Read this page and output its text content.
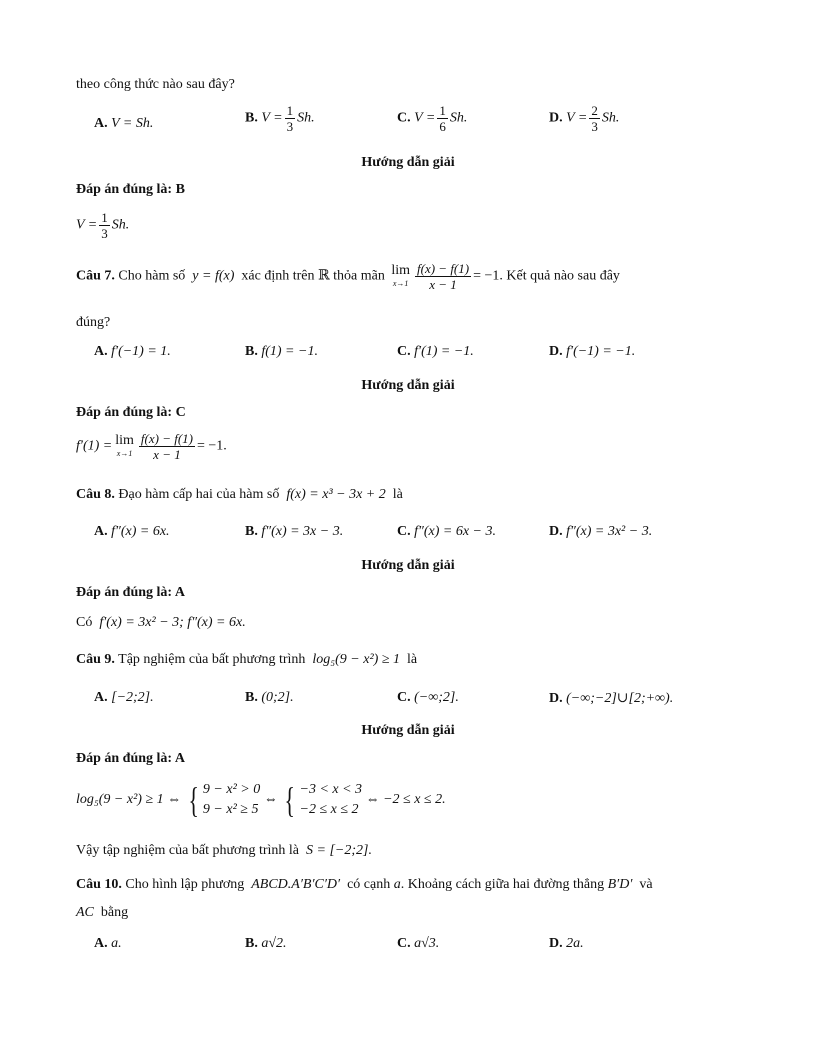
theo công thức nào sau đây?
A. V = Sh.	B. $V = \frac{1}{3} Sh$.	C. $V = \frac{1}{6} Sh$.	D. $V = \frac{2}{3} Sh$.
Hướng dẫn giải
Đáp án đúng là: B
$V = \frac{1}{3} Sh$.
Câu 7. Cho hàm số y = f(x) xác định trên ℝ thỏa mãn lim
$x\to 1 \frac{f(x) - f(1)}{x - 1} = -1$. Kết quả nào sau đây
đúng?
A. f′(−1) = 1.	B. f(1) = −1.	C. f′(1) = −1.	D. f′(−1) = −1.
Hướng dẫn giải
Đáp án đúng là: C
f′(1) = lim
$x\to 1 \frac{f(x) - f(1)}{x - 1} = -1$.
Câu 8. Đạo hàm cấp hai của hàm số f(x) = x³ − 3x + 2 là
A. f″(x) = 6x.	B. f″(x) = 3x − 3.	C. f″(x) = 6x − 3.	D. f″(x) = 3x² − 3.
Hướng dẫn giải
Đáp án đúng là: A
Có f′(x) = 3x² − 3; f″(x) = 6x.
Câu 9. Tập nghiệm của bất phương trình log₅(9 − x²) ≥ 1 là
A. [−2;2].	B. (0;2].	C. (−∞;2].	D. (−∞;−2]∪[2;+∞).
Hướng dẫn giải
Đáp án đúng là: A
log₅(9 − x²) ≥ 1 ⇔ { 9 − x² > 0
9 − x² ≥ 5
⇔ { −3 < x < 3
−2 ≤ x ≤ 2
⇔ −2 ≤ x ≤ 2.
Vậy tập nghiệm của bất phương trình là S = [−2;2].
Câu 10. Cho hình lập phương ABCD.A′B′C′D′ có cạnh a. Khoảng cách giữa hai đường thẳng B′D′ và
AC bằng
A. a.	B. a√2.	C. a√3.	D. 2a.
